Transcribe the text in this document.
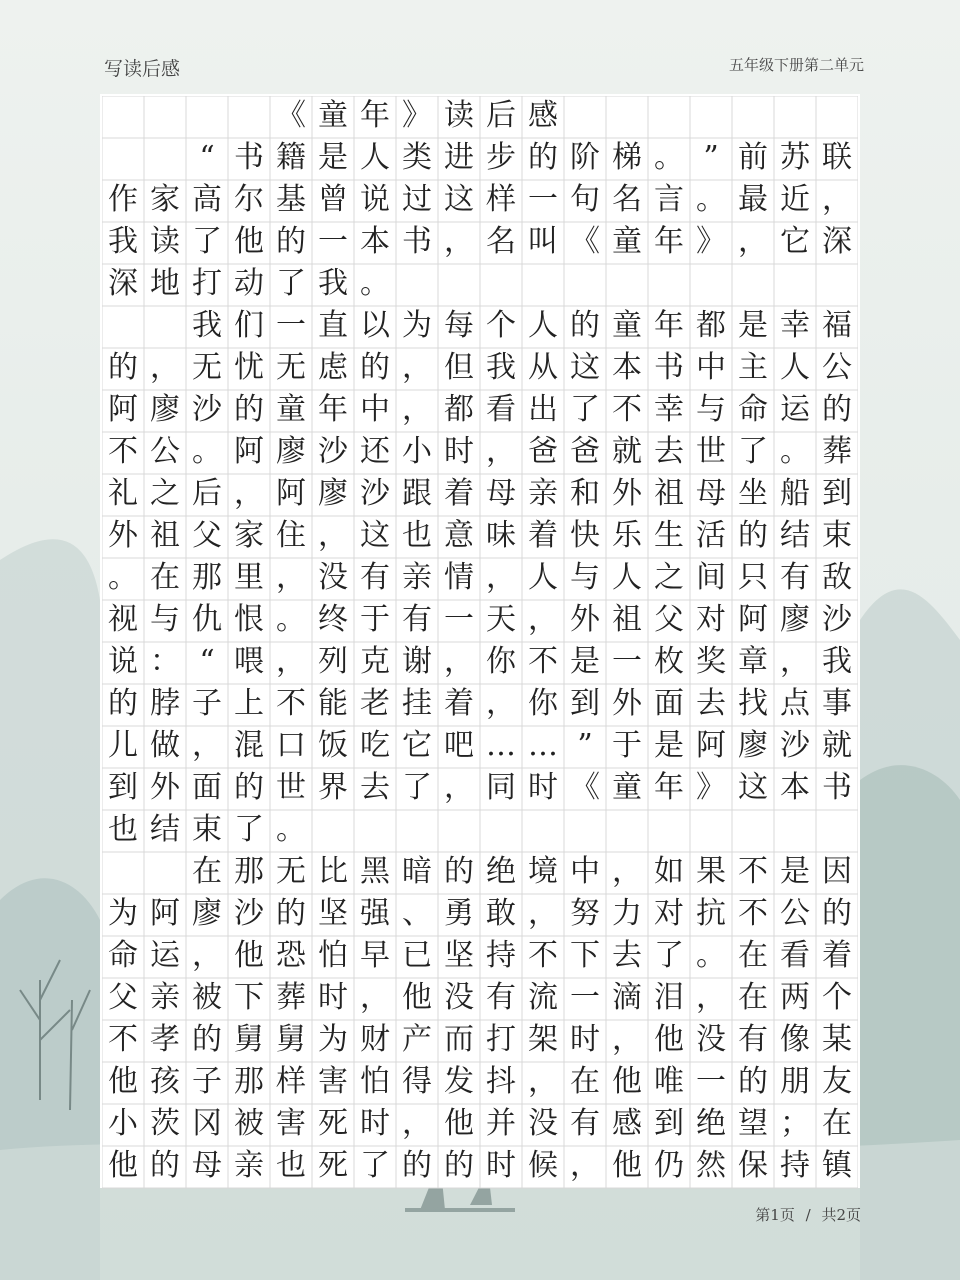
写读后感	五年级下册第二单元
《 童 年 》 读 后 感
“ 书 籍 是 人 类 进 步 的 阶 梯 。 ” 前 苏 联
作 家 高 尔 基 曾 说 过 这 样 一 句 名 言 。 最 近 ，
我 读 了 他 的 一 本 书 ， 名 叫 《 童 年 》 ， 它 深
深 地 打 动 了 我 。
我 们 一 直 以 为 每 个 人 的 童 年 都 是 幸 福
的 ， 无 忧 无 虑 的 ， 但 我 从 这 本 书 中 主 人 公
阿 廖 沙 的 童 年 中 ， 都 看 出 了 不 幸 与 命 运 的
不 公 。 阿 廖 沙 还 小 时 ， 爸 爸 就 去 世 了 。 葬
礼 之 后 ， 阿 廖 沙 跟 着 母 亲 和 外 祖 母 坐 船 到
外 祖 父 家 住 ， 这 也 意 味 着 快 乐 生 活 的 结 束
。 在 那 里 ， 没 有 亲 情 ， 人 与 人 之 间 只 有 敌
视 与 仇 恨 。 终 于 有 一 天 ， 外 祖 父 对 阿 廖 沙
说 ： “ 喂 ， 列 克 谢 ， 你 不 是 一 枚 奖 章 ， 我
的 脖 子 上 不 能 老 挂 着 ， 你 到 外 面 去 找 点 事
儿 做 ， 混 口 饭 吃 它 吧 … … ” 于 是 阿 廖 沙 就
到 外 面 的 世 界 去 了 ， 同 时 《 童 年 》 这 本 书
也 结 束 了 。
在 那 无 比 黑 暗 的 绝 境 中 ， 如 果 不 是 因
为 阿 廖 沙 的 坚 强 、 勇 敢 ， 努 力 对 抗 不 公 的
命 运 ， 他 恐 怕 早 已 坚 持 不 下 去 了 。 在 看 着
父 亲 被 下 葬 时 ， 他 没 有 流 一 滴 泪 ， 在 两 个
不 孝 的 舅 舅 为 财 产 而 打 架 时 ， 他 没 有 像 某
他 孩 子 那 样 害 怕 得 发 抖 ， 在 他 唯 一 的 朋 友
小 茨 冈 被 害 死 时 ， 他 并 没 有 感 到 绝 望 ； 在
他 的 母 亲 也 死 了 的 的 时 候 ， 他 仍 然 保 持 镇
第1页 / 共2页
